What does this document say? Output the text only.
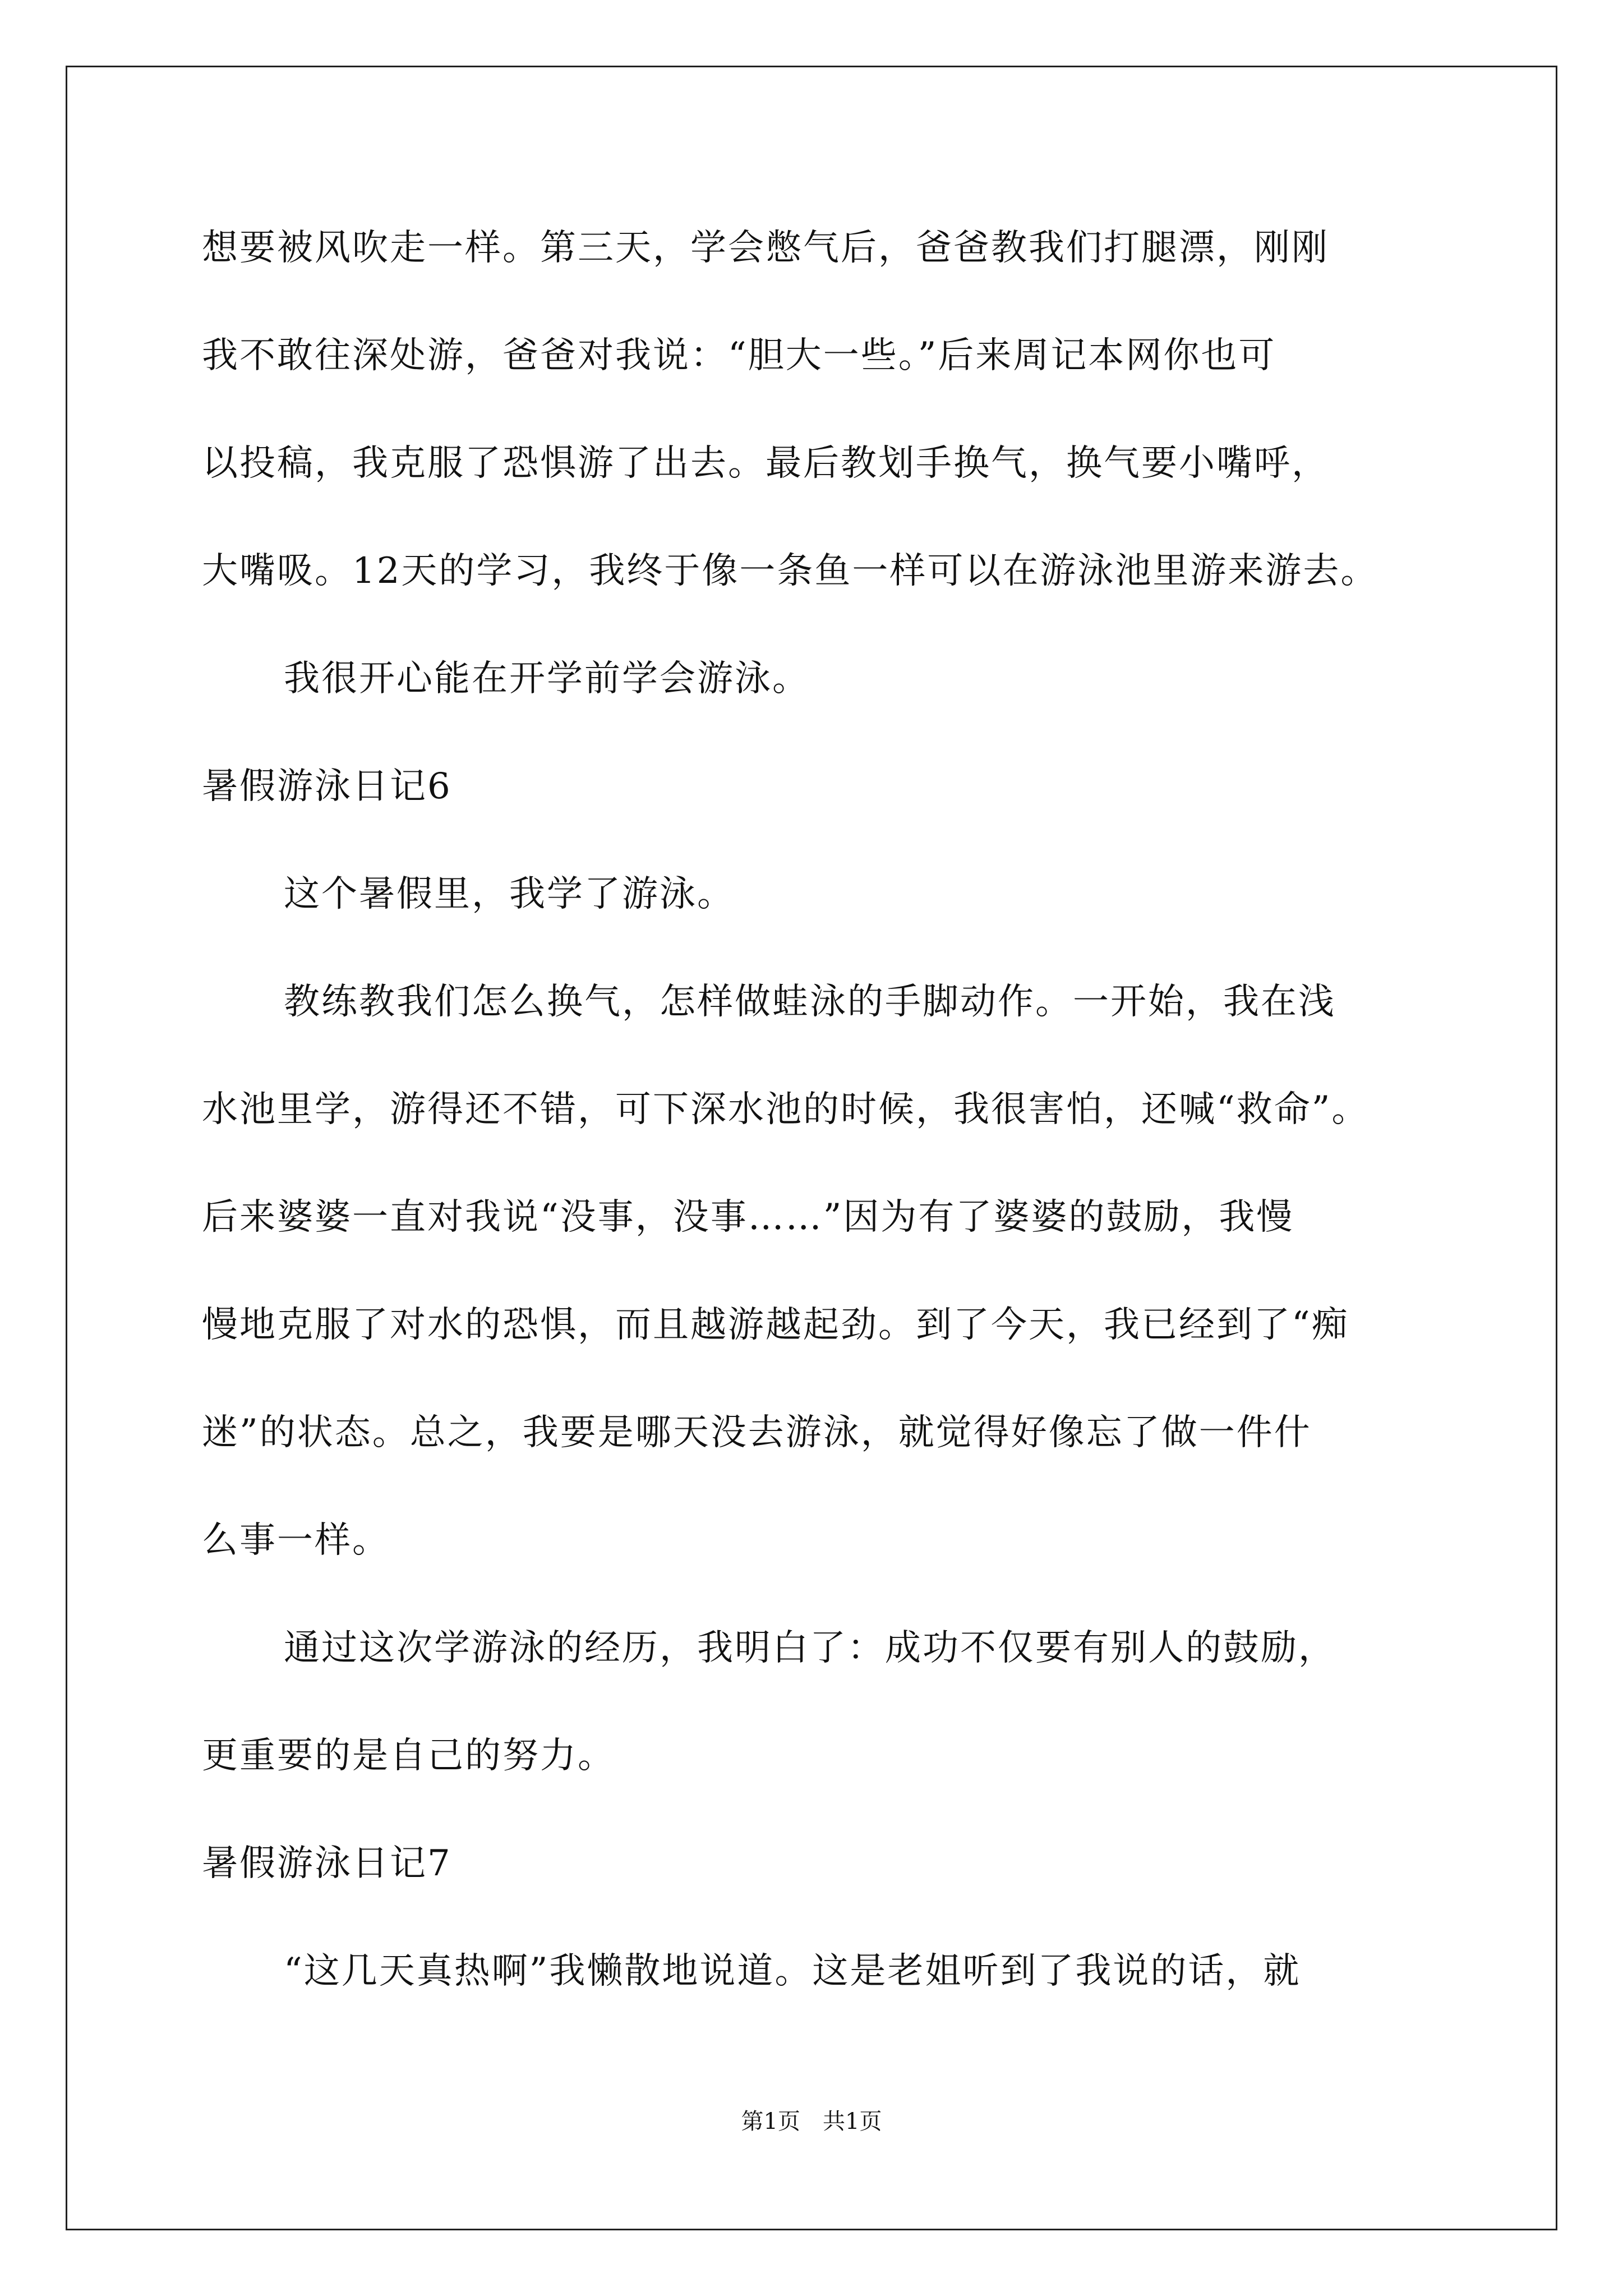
想要被风吹走一样。第三天，学会憋气后，爸爸教我们打腿漂，刚刚
我不敢往深处游，爸爸对我说：“胆大一些。”后来周记本网你也可
以投稿，我克服了恐惧游了出去。最后教划手换气，换气要小嘴呼，
大嘴吸。12天的学习，我终于像一条鱼一样可以在游泳池里游来游去。
我很开心能在开学前学会游泳。
暑假游泳日记6
这个暑假里，我学了游泳。
教练教我们怎么换气，怎样做蛙泳的手脚动作。一开始，我在浅
水池里学，游得还不错，可下深水池的时候，我很害怕，还喊“救命”。
后来婆婆一直对我说“没事，没事……”因为有了婆婆的鼓励，我慢
慢地克服了对水的恐惧，而且越游越起劲。到了今天，我已经到了“痴
迷”的状态。总之，我要是哪天没去游泳，就觉得好像忘了做一件什
么事一样。
通过这次学游泳的经历，我明白了：成功不仅要有别人的鼓励，
更重要的是自己的努力。
暑假游泳日记7
“这几天真热啊”我懒散地说道。这是老姐听到了我说的话，就
第1页　共1页
